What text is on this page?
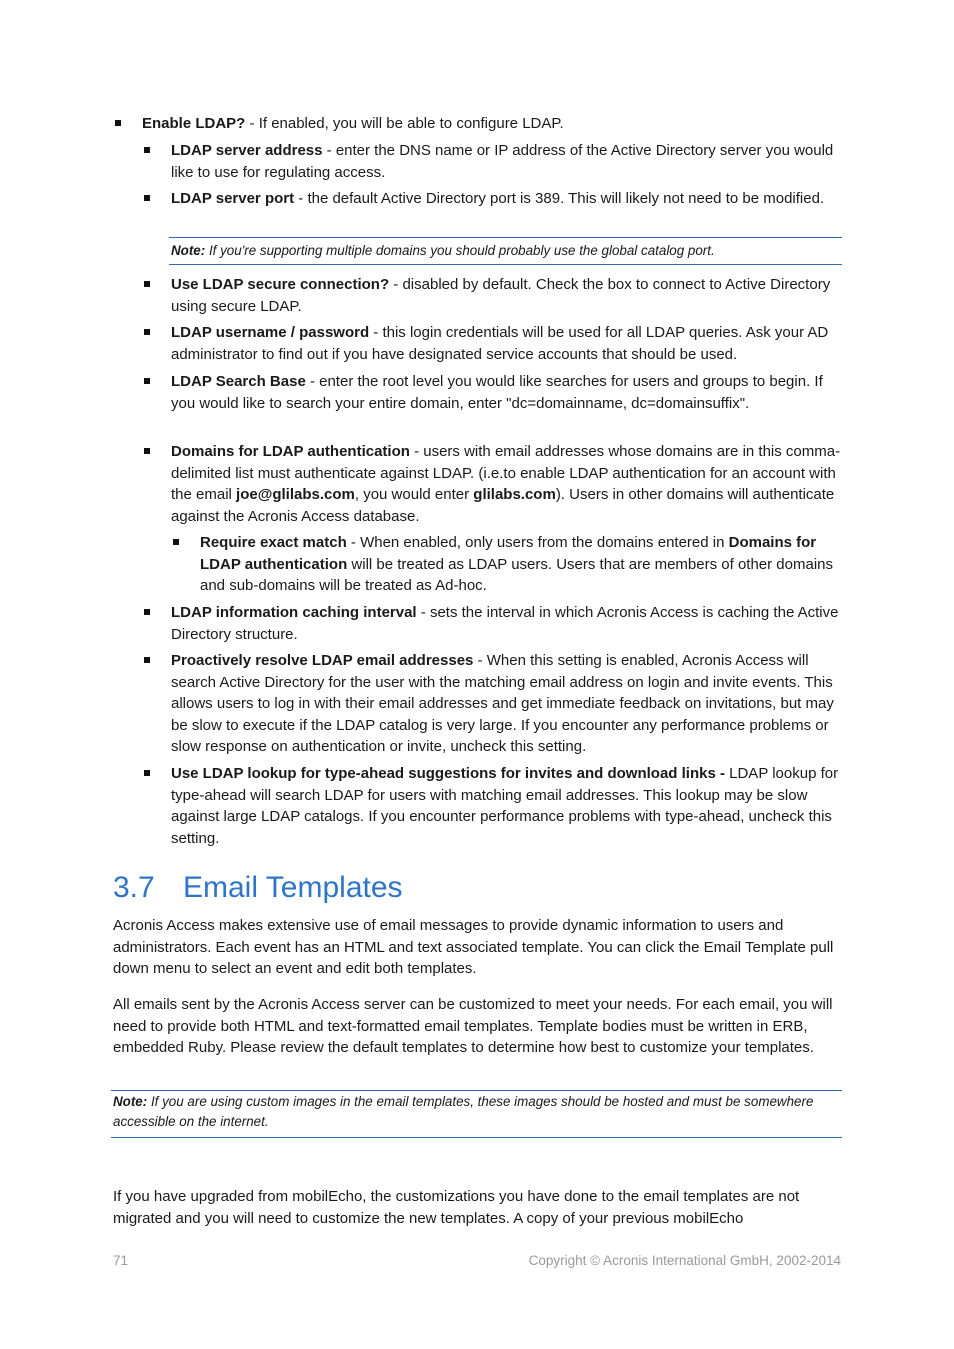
Enable LDAP? - If enabled, you will be able to configure LDAP.

LDAP server address - enter the DNS name or IP address of the Active Directory server you would like to use for regulating access.

LDAP server port - the default Active Directory port is 389. This will likely not need to be modified.

Note: If you're supporting multiple domains you should probably use the global catalog port.

Use LDAP secure connection? - disabled by default. Check the box to connect to Active Directory using secure LDAP.

LDAP username / password - this login credentials will be used for all LDAP queries. Ask your AD administrator to find out if you have designated service accounts that should be used.

LDAP Search Base - enter the root level you would like searches for users and groups to begin. If you would like to search your entire domain, enter "dc=domainname, dc=domainsuffix".

Domains for LDAP authentication - users with email addresses whose domains are in this comma-delimited list must authenticate against LDAP. (i.e.to enable LDAP authentication for an account with the email joe@glilabs.com, you would enter glilabs.com). Users in other domains will authenticate against the Acronis Access database.

Require exact match - When enabled, only users from the domains entered in Domains for LDAP authentication will be treated as LDAP users. Users that are members of other domains and sub-domains will be treated as Ad-hoc.

LDAP information caching interval - sets the interval in which Acronis Access is caching the Active Directory structure.

Proactively resolve LDAP email addresses - When this setting is enabled, Acronis Access will search Active Directory for the user with the matching email address on login and invite events. This allows users to log in with their email addresses and get immediate feedback on invitations, but may be slow to execute if the LDAP catalog is very large. If you encounter any performance problems or slow response on authentication or invite, uncheck this setting.

Use LDAP lookup for type-ahead suggestions for invites and download links - LDAP lookup for type-ahead will search LDAP for users with matching email addresses. This lookup may be slow against large LDAP catalogs. If you encounter performance problems with type-ahead, uncheck this setting.

3.7 Email Templates
Acronis Access makes extensive use of email messages to provide dynamic information to users and administrators. Each event has an HTML and text associated template. You can click the Email Template pull down menu to select an event and edit both templates.
All emails sent by the Acronis Access server can be customized to meet your needs. For each email, you will need to provide both HTML and text-formatted email templates. Template bodies must be written in ERB, embedded Ruby. Please review the default templates to determine how best to customize your templates.
Note: If you are using custom images in the email templates, these images should be hosted and must be somewhere accessible on the internet.
If you have upgraded from mobilEcho, the customizations you have done to the email templates are not migrated and you will need to customize the new templates. A copy of your previous mobilEcho
71	Copyright © Acronis International GmbH, 2002-2014
